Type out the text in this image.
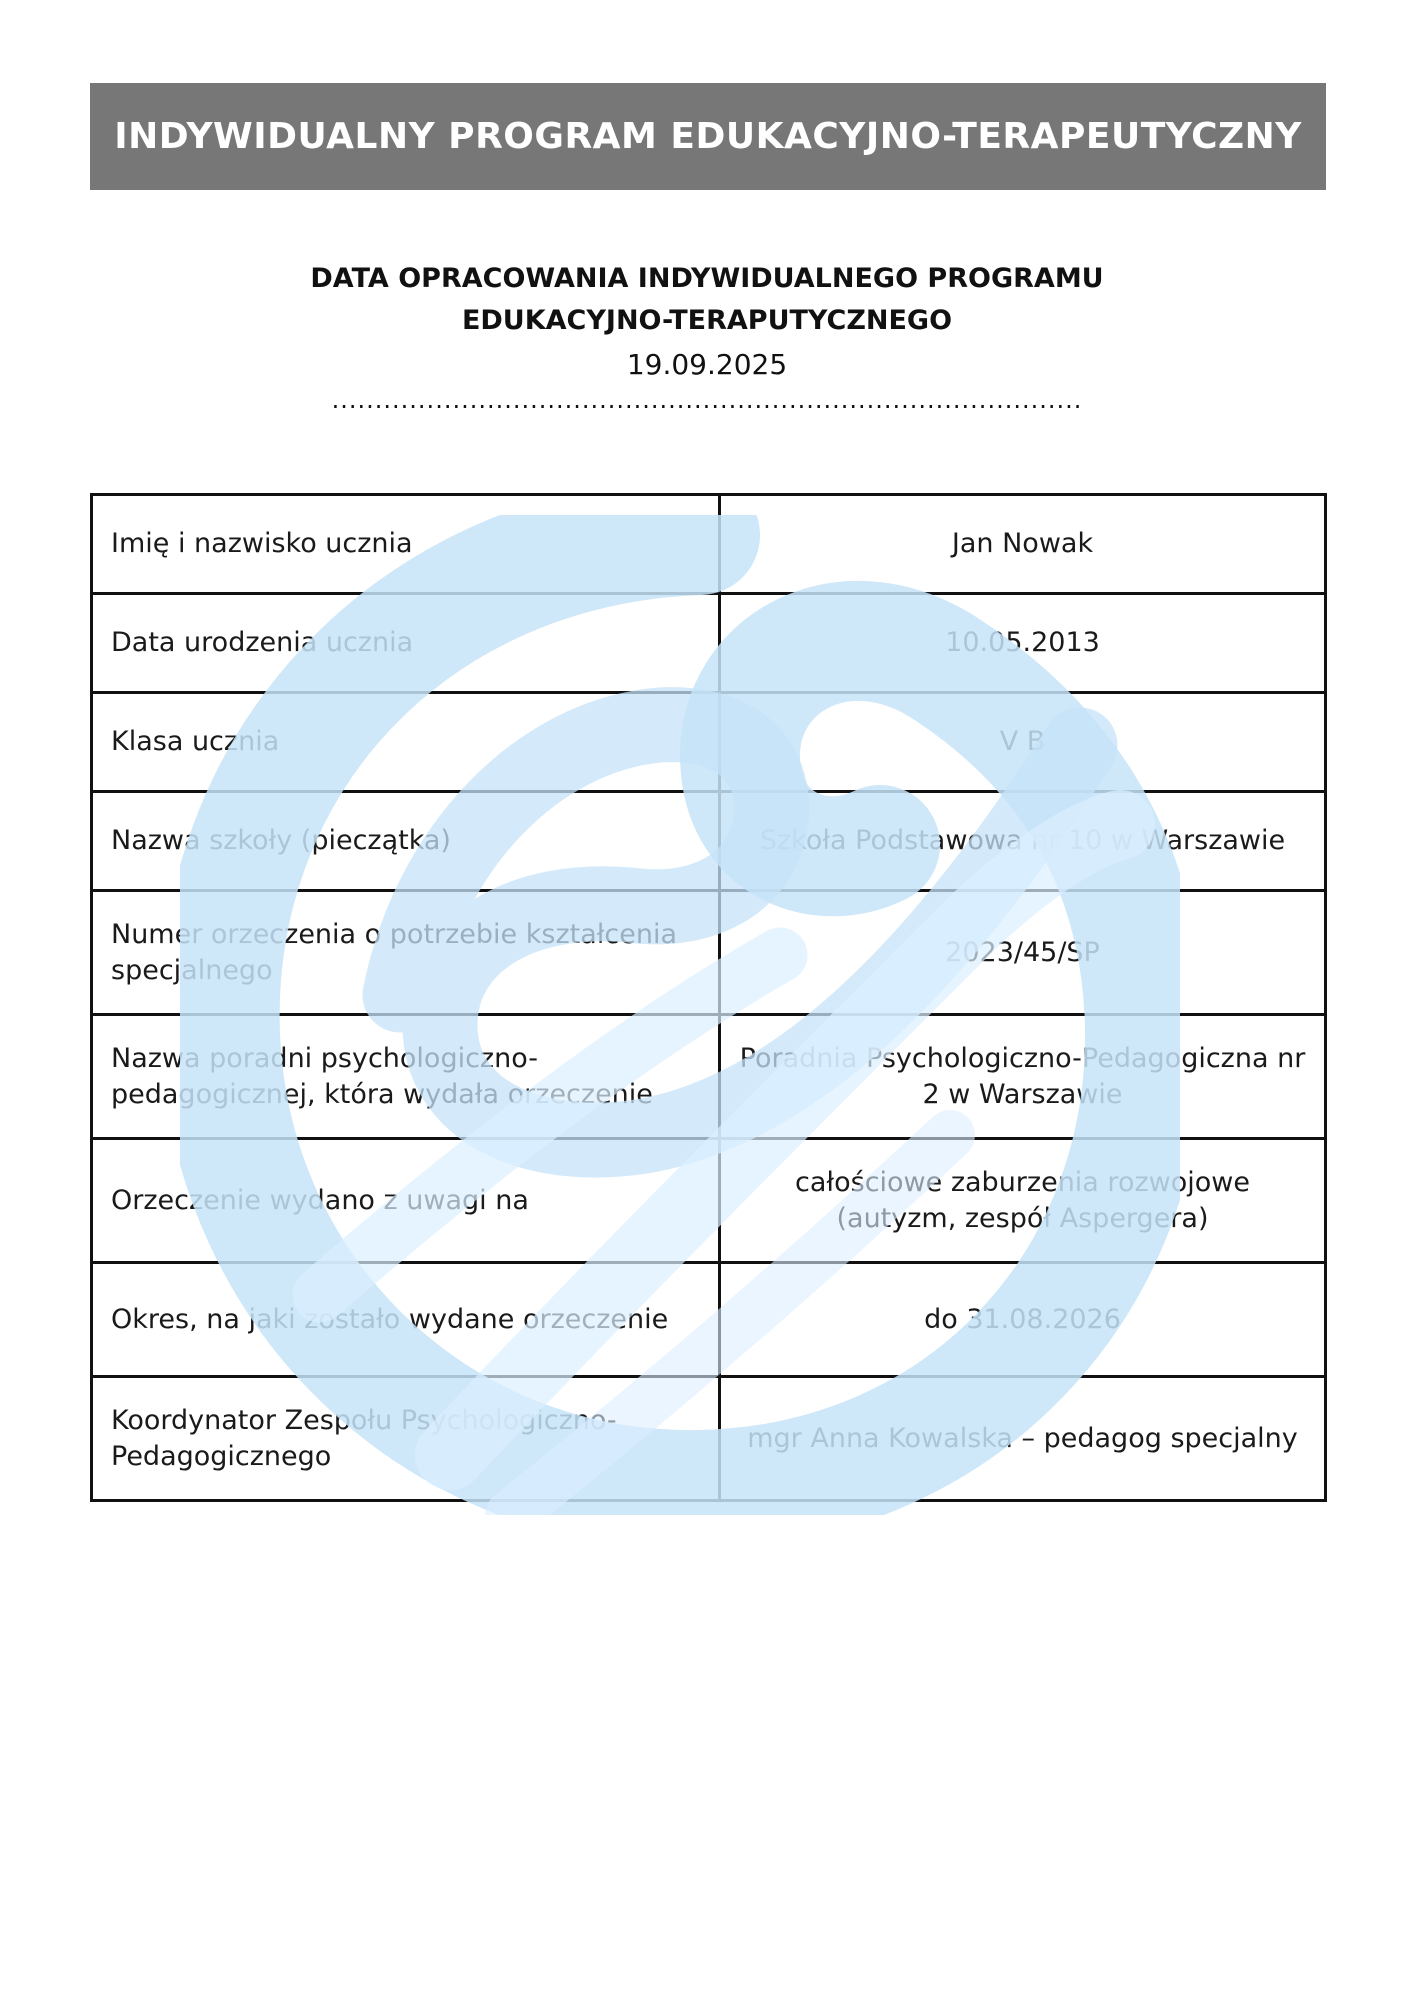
INDYWIDUALNY PROGRAM EDUKACYJNO-TERAPEUTYCZNY
DATA OPRACOWANIA INDYWIDUALNEGO PROGRAMU
EDUKACYJNO-TERAPUTYCZNEGO
19.09.2025
.......................................................................................
Imię i nazwisko ucznia	Jan Nowak
Data urodzenia ucznia	10.05.2013
Klasa ucznia	V B
Nazwa szkoły (pieczątka)	Szkoła Podstawowa nr 10 w Warszawie
Numer orzeczenia o potrzebie kształcenia specjalnego	2023/45/SP
Nazwa poradni psychologiczno-pedagogicznej, która wydała orzeczenie	Poradnia Psychologiczno-Pedagogiczna nr 2 w Warszawie
Orzeczenie wydano z uwagi na	całościowe zaburzenia rozwojowe (autyzm, zespół Aspergera)
Okres, na jaki zostało wydane orzeczenie	do 31.08.2026
Koordynator Zespołu Psychologiczno-Pedagogicznego	mgr Anna Kowalska – pedagog specjalny
